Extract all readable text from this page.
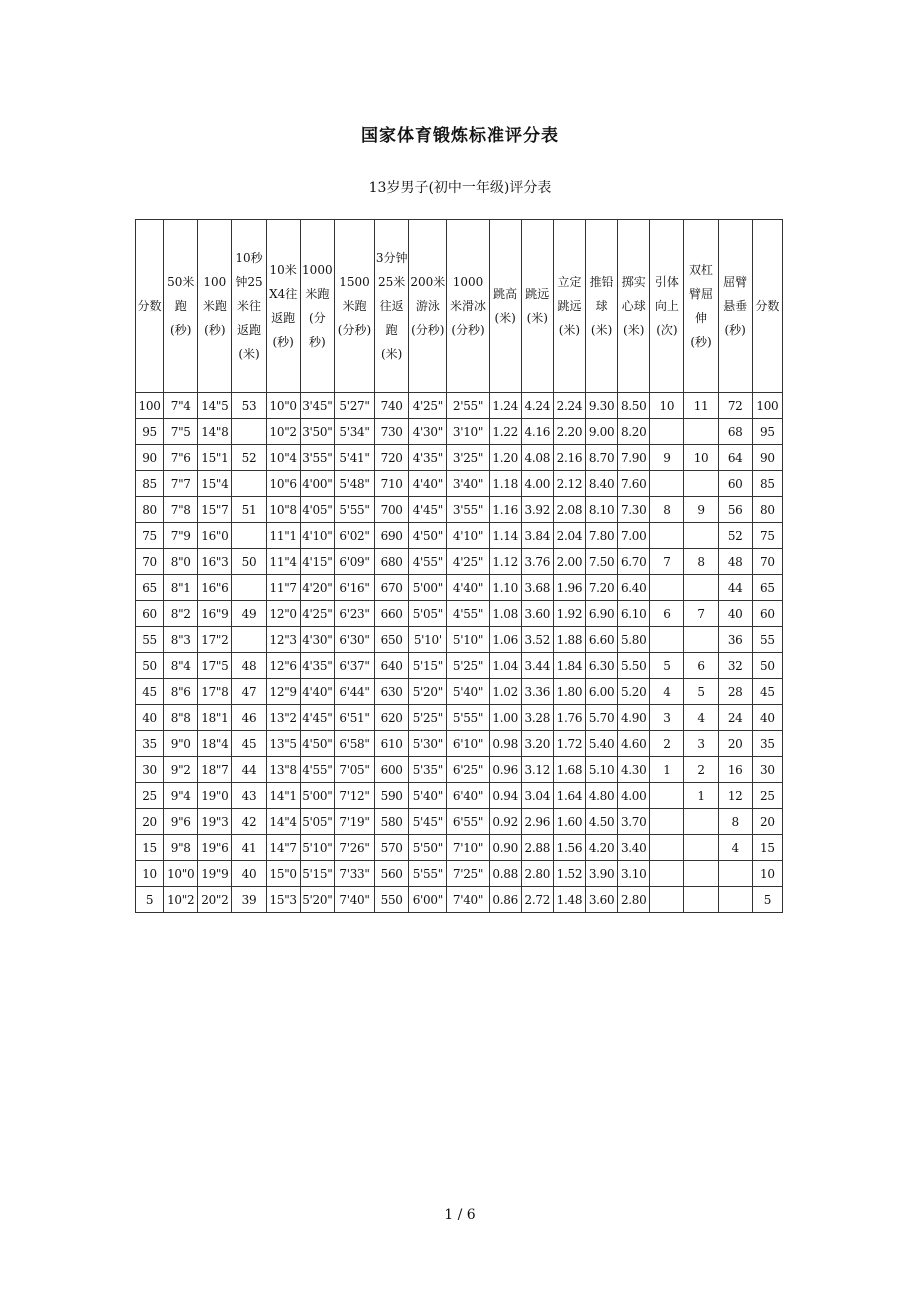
国家体育锻炼标准评分表
13岁男子(初中一年级)评分表
分数	50米跑(秒)	100米跑(秒)	10秒钟25米往返跑(米)	10米X4往返跑(秒)	1000米跑(分秒)	1500米跑(分秒)	3分钟25米往返跑(米)	200米游泳(分秒)	1000米滑冰(分秒)	跳高(米)	跳远(米)	立定跳远(米)	推铅球(米)	掷实心球(米)	引体向上(次)	双杠臂屈伸(秒)	屈臂悬垂(秒)	分数
100	7"4	14"5	53	10"0	3'45"	5'27"	740	4'25"	2'55"	1.24	4.24	2.24	9.30	8.50	10	11	72	100
95	7"5	14"8		10"2	3'50"	5'34"	730	4'30"	3'10"	1.22	4.16	2.20	9.00	8.20			68	95
90	7"6	15"1	52	10"4	3'55"	5'41"	720	4'35"	3'25"	1.20	4.08	2.16	8.70	7.90	9	10	64	90
85	7"7	15"4		10"6	4'00"	5'48"	710	4'40"	3'40"	1.18	4.00	2.12	8.40	7.60			60	85
80	7"8	15"7	51	10"8	4'05"	5'55"	700	4'45"	3'55"	1.16	3.92	2.08	8.10	7.30	8	9	56	80
75	7"9	16"0		11"1	4'10"	6'02"	690	4'50"	4'10"	1.14	3.84	2.04	7.80	7.00			52	75
70	8"0	16"3	50	11"4	4'15"	6'09"	680	4'55"	4'25"	1.12	3.76	2.00	7.50	6.70	7	8	48	70
65	8"1	16"6		11"7	4'20"	6'16"	670	5'00"	4'40"	1.10	3.68	1.96	7.20	6.40			44	65
60	8"2	16"9	49	12"0	4'25"	6'23"	660	5'05"	4'55"	1.08	3.60	1.92	6.90	6.10	6	7	40	60
55	8"3	17"2		12"3	4'30"	6'30"	650	5'10'	5'10"	1.06	3.52	1.88	6.60	5.80			36	55
50	8"4	17"5	48	12"6	4'35"	6'37"	640	5'15"	5'25"	1.04	3.44	1.84	6.30	5.50	5	6	32	50
45	8"6	17"8	47	12"9	4'40"	6'44"	630	5'20"	5'40"	1.02	3.36	1.80	6.00	5.20	4	5	28	45
40	8"8	18"1	46	13"2	4'45"	6'51"	620	5'25"	5'55"	1.00	3.28	1.76	5.70	4.90	3	4	24	40
35	9"0	18"4	45	13"5	4'50"	6'58"	610	5'30"	6'10"	0.98	3.20	1.72	5.40	4.60	2	3	20	35
30	9"2	18"7	44	13"8	4'55"	7'05"	600	5'35"	6'25"	0.96	3.12	1.68	5.10	4.30	1	2	16	30
25	9"4	19"0	43	14"1	5'00"	7'12"	590	5'40"	6'40"	0.94	3.04	1.64	4.80	4.00		1	12	25
20	9"6	19"3	42	14"4	5'05"	7'19"	580	5'45"	6'55"	0.92	2.96	1.60	4.50	3.70			8	20
15	9"8	19"6	41	14"7	5'10"	7'26"	570	5'50"	7'10"	0.90	2.88	1.56	4.20	3.40			4	15
10	10"0	19"9	40	15"0	5'15"	7'33"	560	5'55"	7'25"	0.88	2.80	1.52	3.90	3.10				10
5	10"2	20"2	39	15"3	5'20"	7'40"	550	6'00"	7'40"	0.86	2.72	1.48	3.60	2.80				5
1 / 6
